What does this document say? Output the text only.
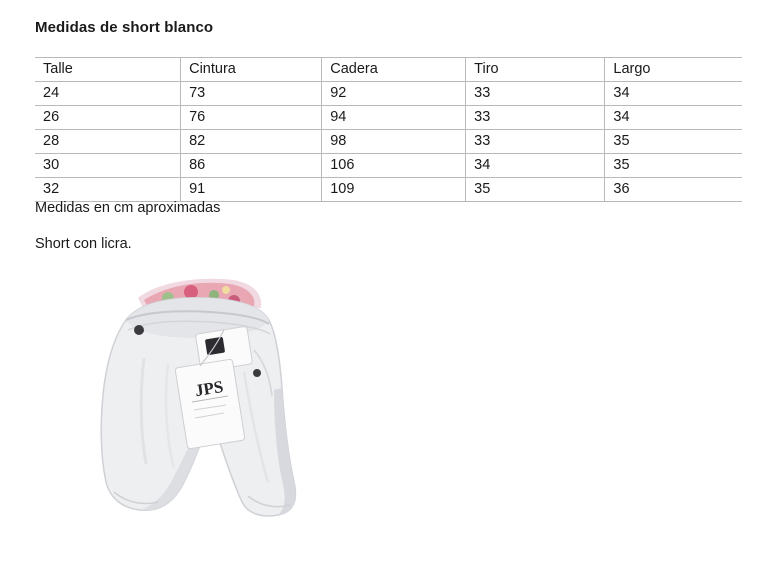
Medidas de short blanco
Talle	Cintura	Cadera	Tiro	Largo
24	73	92	33	34
26	76	94	33	34
28	82	98	33	35
30	86	106	34	35
32	91	109	35	36
Medidas en cm aproximadas
Short con licra.
JPS
